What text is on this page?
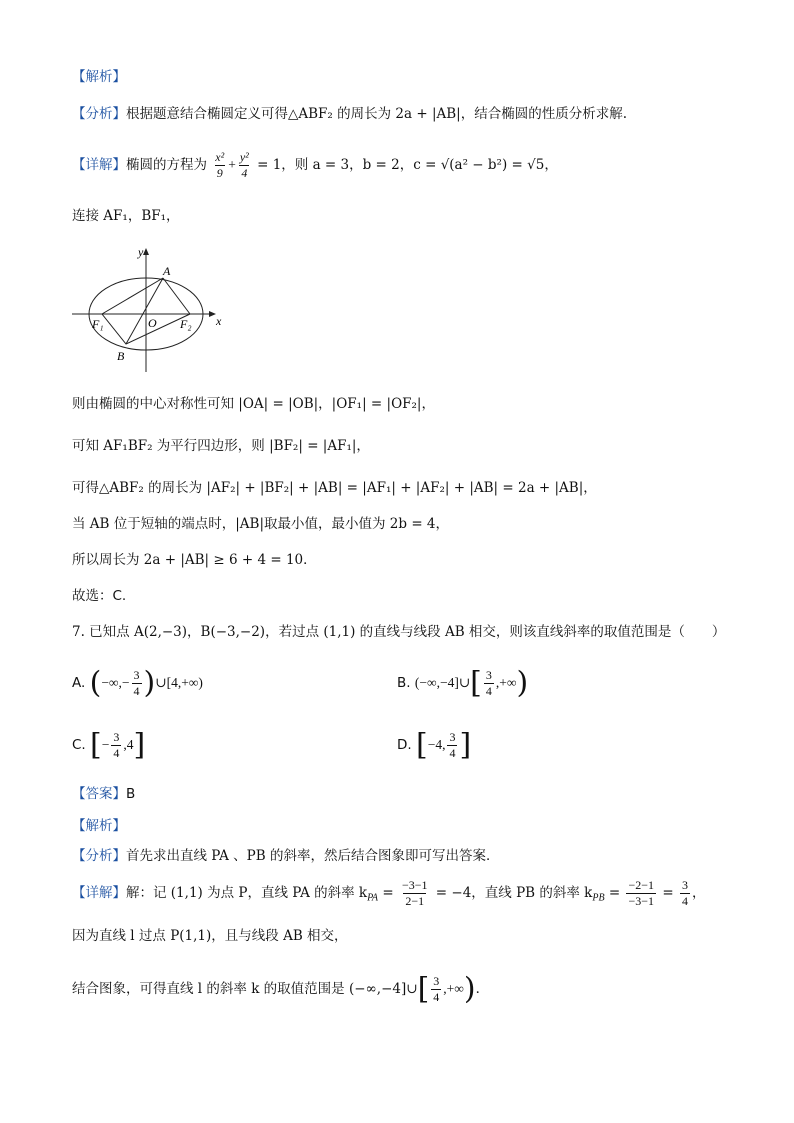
【解析】
【分析】根据题意结合椭圆定义可得△ABF₂ 的周长为 2a + |AB|，结合椭圆的性质分析求解.
【详解】椭圆的方程为 $\frac{\text{x²}}{9} + \frac{\text{y²}}{4} = 1$，则 a = 3，b = 2，c = √(a² − b²) = √5，
连接 AF₁，BF₁，
y
A
F₁	O F₂ x
B
则由椭圆的中心对称性可知 |OA| = |OB|，|OF₁| = |OF₂|，
可知 AF₁BF₂ 为平行四边形，则 |BF₂| = |AF₁|，
可得△ABF₂ 的周长为 |AF₂| + |BF₂| + |AB| = |AF₁| + |AF₂| + |AB| = 2a + |AB|，
当 AB 位于短轴的端点时，|AB|取最小值，最小值为 2b = 4，
所以周长为 2a + |AB| ≥ 6 + 4 = 10．
故选：C.
7. 已知点 A(2,−3)，B(−3,−2)，若过点 (1,1) 的直线与线段 AB 相交，则该直线斜率的取值范围是（　　）
A. (−∞,− $\frac{3}{4}$ )∪[4,+∞)	B. (−∞,−4]∪[ $\frac{3}{4}$ ,+∞)
C. [− $\frac{3}{4} ,4$]	D. [−4, $\frac{3}{4}$ ]
【答案】B
【解析】
【分析】首先求出直线 PA 、PB 的斜率，然后结合图象即可写出答案．
【详解】解：记 (1,1) 为点 P，直线 PA 的斜率 $k_{PA} = \frac{-3-1}{2-1} = -4$，直线 PB 的斜率 $k_{PB} = \frac{-2-1}{-3-1} = \frac{3}{4}$ ，
因为直线 l 过点 P(1,1)，且与线段 AB 相交，
结合图象，可得直线 l 的斜率 k 的取值范围是 (−∞,−4]∪[ $\frac{3}{4}$ ,+∞)．
